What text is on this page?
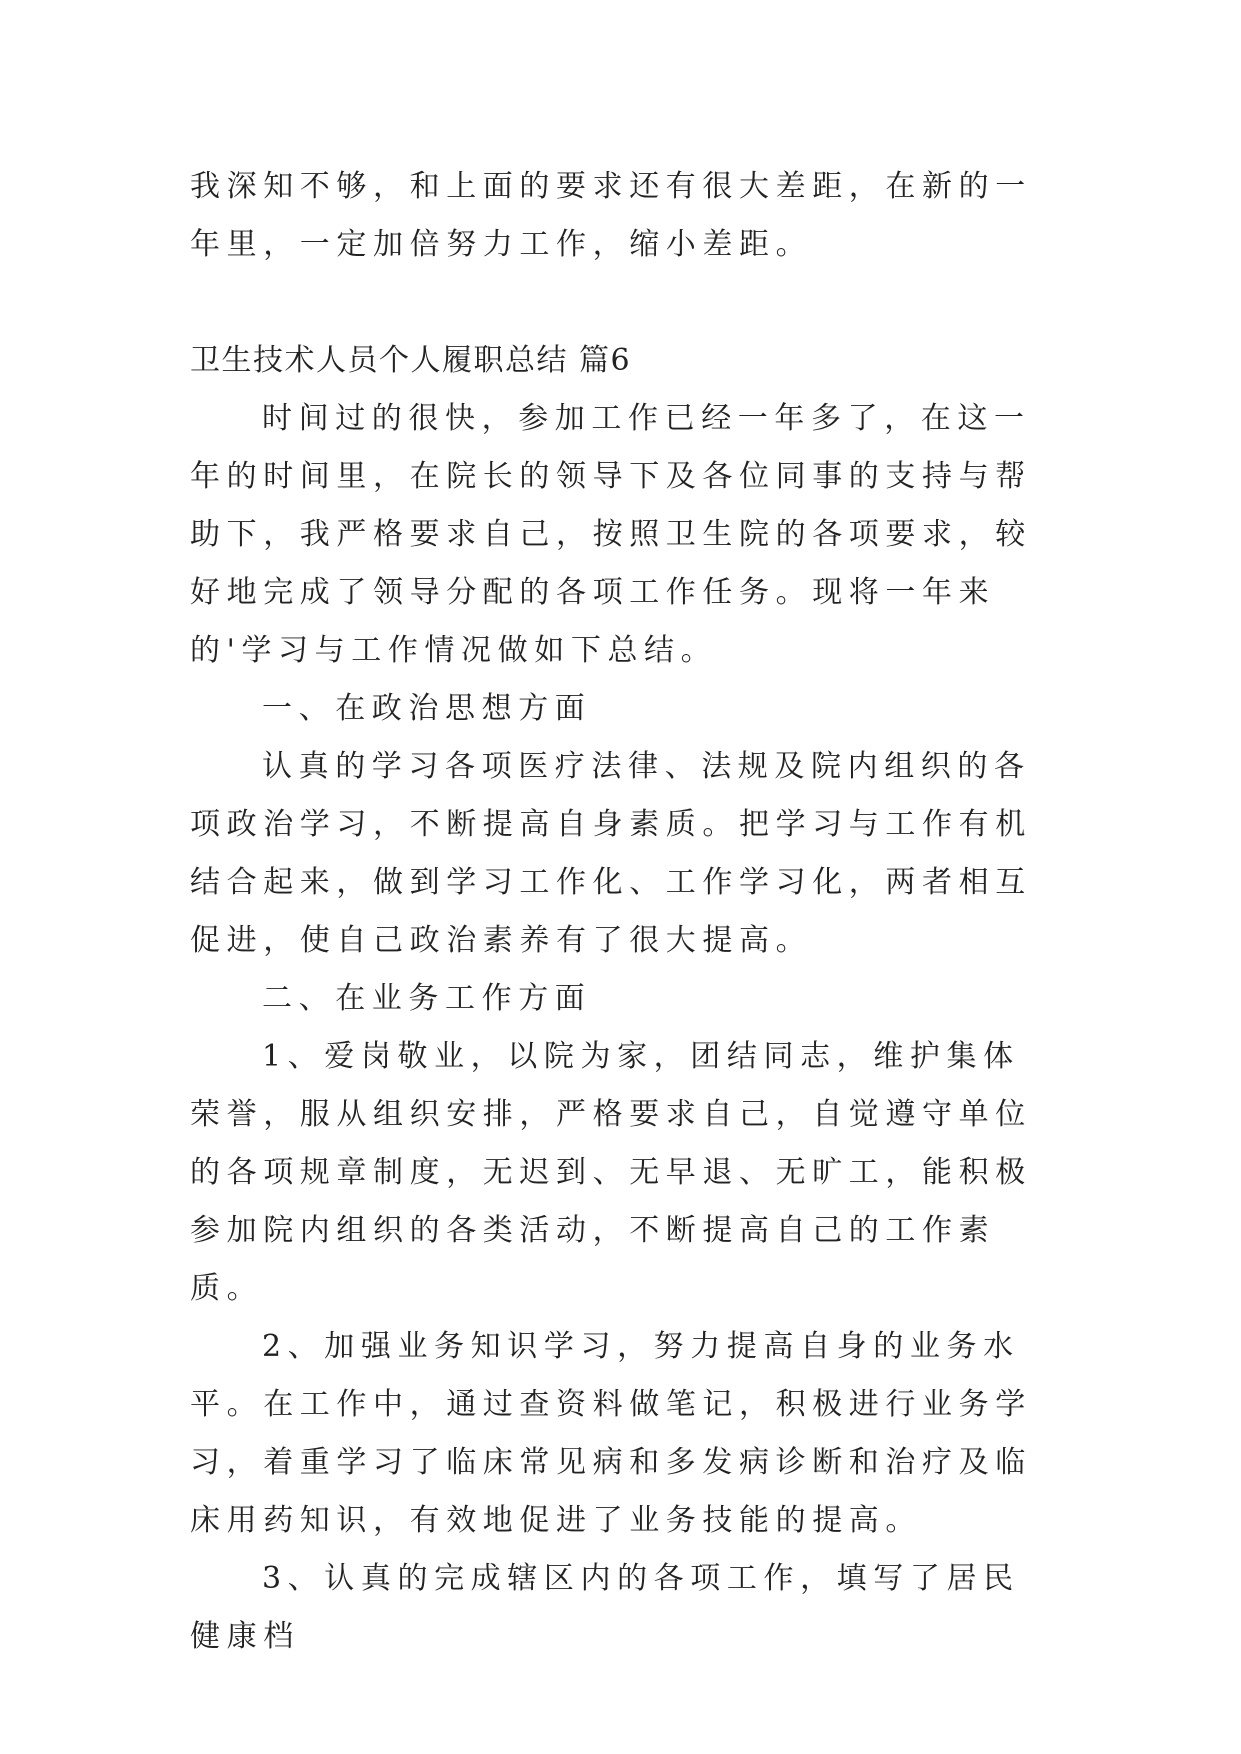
我深知不够，和上面的要求还有很大差距，在新的一年里，一定加倍努力工作，缩小差距。

卫生技术人员个人履职总结 篇6

时间过的很快，参加工作已经一年多了，在这一年的时间里，在院长的领导下及各位同事的支持与帮助下，我严格要求自己，按照卫生院的各项要求，较好地完成了领导分配的各项工作任务。现将一年来的'学习与工作情况做如下总结。

一、在政治思想方面

认真的学习各项医疗法律、法规及院内组织的各项政治学习，不断提高自身素质。把学习与工作有机结合起来，做到学习工作化、工作学习化，两者相互促进，使自己政治素养有了很大提高。

二、在业务工作方面

1、爱岗敬业，以院为家，团结同志，维护集体荣誉，服从组织安排，严格要求自己，自觉遵守单位的各项规章制度，无迟到、无早退、无旷工，能积极参加院内组织的各类活动，不断提高自己的工作素质。

2、加强业务知识学习，努力提高自身的业务水平。在工作中，通过查资料做笔记，积极进行业务学习，着重学习了临床常见病和多发病诊断和治疗及临床用药知识，有效地促进了业务技能的提高。

3、认真的完成辖区内的各项工作，填写了居民健康档
